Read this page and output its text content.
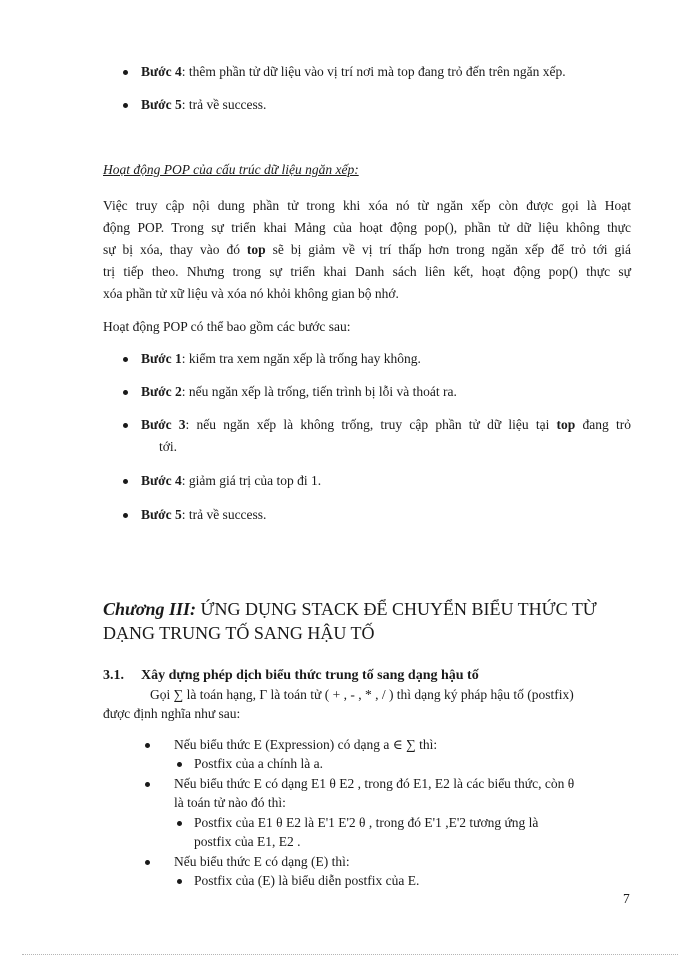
Bước 4: thêm phần tử dữ liệu vào vị trí nơi mà top đang trỏ đến trên ngăn xếp.
Bước 5: trả về success.
Hoạt động POP của cấu trúc dữ liệu ngăn xếp:
Việc truy cập nội dung phần tử trong khi xóa nó từ ngăn xếp còn được gọi là Hoạt
động POP. Trong sự triển khai Mảng của hoạt động pop(), phần tử dữ liệu không thực
sự bị xóa, thay vào đó top sẽ bị giảm về vị trí thấp hơn trong ngăn xếp để trỏ tới giá
trị tiếp theo. Nhưng trong sự triển khai Danh sách liên kết, hoạt động pop() thực sự
xóa phần tử xữ liệu và xóa nó khỏi không gian bộ nhớ.
Hoạt động POP có thể bao gồm các bước sau:
Bước 1: kiểm tra xem ngăn xếp là trống hay không.
Bước 2: nếu ngăn xếp là trống, tiến trình bị lỗi và thoát ra.
Bước 3: nếu ngăn xếp là không trống, truy cập phần tử dữ liệu tại top đang trỏ
tới.
Bước 4: giảm giá trị của top đi 1.
Bước 5: trả về success.
Chương III: ỨNG DỤNG STACK ĐỂ CHUYỂN BIỂU THỨC TỪ
DẠNG TRUNG TỐ SANG HẬU TỐ
3.1. Xây dựng phép dịch biểu thức trung tố sang dạng hậu tố
Gọi ∑ là toán hạng, Γ là toán tử ( + , - , * , / ) thì dạng ký pháp hậu tố (postfix)
được định nghĩa như sau:
Nếu biểu thức E (Expression) có dạng a ∈ ∑ thì:
Postfix của a chính là a.
Nếu biểu thức E có dạng E1 θ E2 , trong đó E1, E2 là các biểu thức, còn θ
là toán tử nào đó thì:
Postfix của E1 θ E2 là E'1 E'2 θ , trong đó E'1 ,E'2 tương ứng là
postfix của E1, E2 .
Nếu biểu thức E có dạng (E) thì:
Postfix của (E) là biểu diễn postfix của E.
7
